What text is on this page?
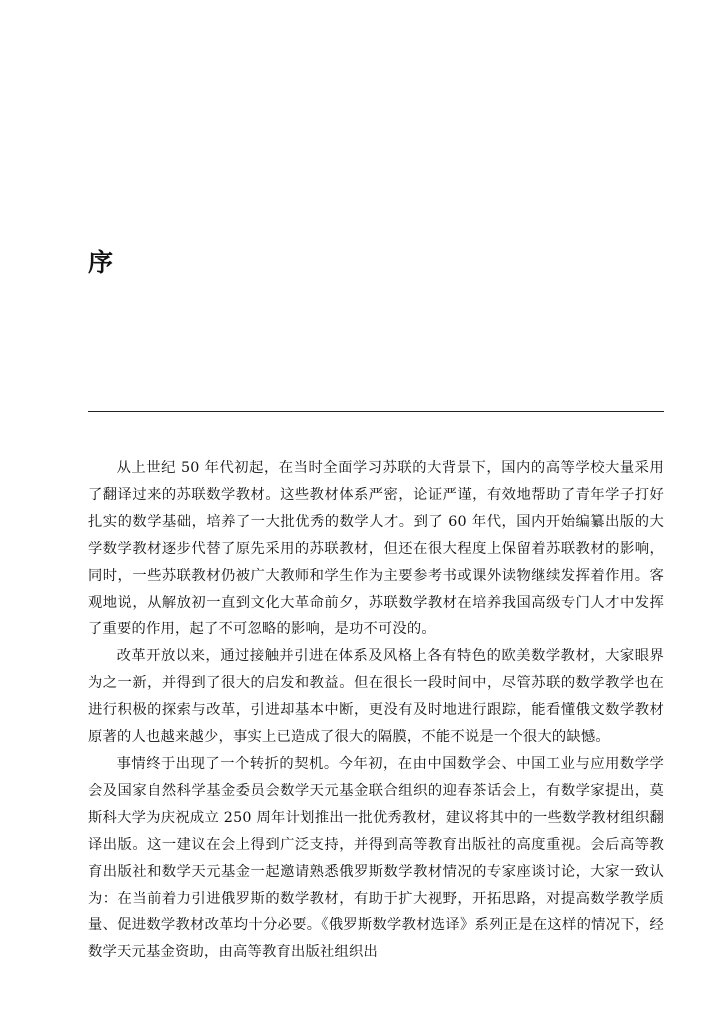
序

从上世纪 50 年代初起，在当时全面学习苏联的大背景下，国内的高等学校大量采用了翻译过来的苏联数学教材。这些教材体系严密，论证严谨，有效地帮助了青年学子打好扎实的数学基础，培养了一大批优秀的数学人才。到了 60 年代，国内开始编纂出版的大学数学教材逐步代替了原先采用的苏联教材，但还在很大程度上保留着苏联教材的影响，同时，一些苏联教材仍被广大教师和学生作为主要参考书或课外读物继续发挥着作用。客观地说，从解放初一直到文化大革命前夕，苏联数学教材在培养我国高级专门人才中发挥了重要的作用，起了不可忽略的影响，是功不可没的。

改革开放以来，通过接触并引进在体系及风格上各有特色的欧美数学教材，大家眼界为之一新，并得到了很大的启发和教益。但在很长一段时间中，尽管苏联的数学教学也在进行积极的探索与改革，引进却基本中断，更没有及时地进行跟踪，能看懂俄文数学教材原著的人也越来越少，事实上已造成了很大的隔膜，不能不说是一个很大的缺憾。

事情终于出现了一个转折的契机。今年初，在由中国数学会、中国工业与应用数学学会及国家自然科学基金委员会数学天元基金联合组织的迎春茶话会上，有数学家提出，莫斯科大学为庆祝成立 250 周年计划推出一批优秀教材，建议将其中的一些数学教材组织翻译出版。这一建议在会上得到广泛支持，并得到高等教育出版社的高度重视。会后高等教育出版社和数学天元基金一起邀请熟悉俄罗斯数学教材情况的专家座谈讨论，大家一致认为：在当前着力引进俄罗斯的数学教材，有助于扩大视野，开拓思路，对提高数学教学质量、促进数学教材改革均十分必要。《俄罗斯数学教材选译》系列正是在这样的情况下，经数学天元基金资助，由高等教育出版社组织出
